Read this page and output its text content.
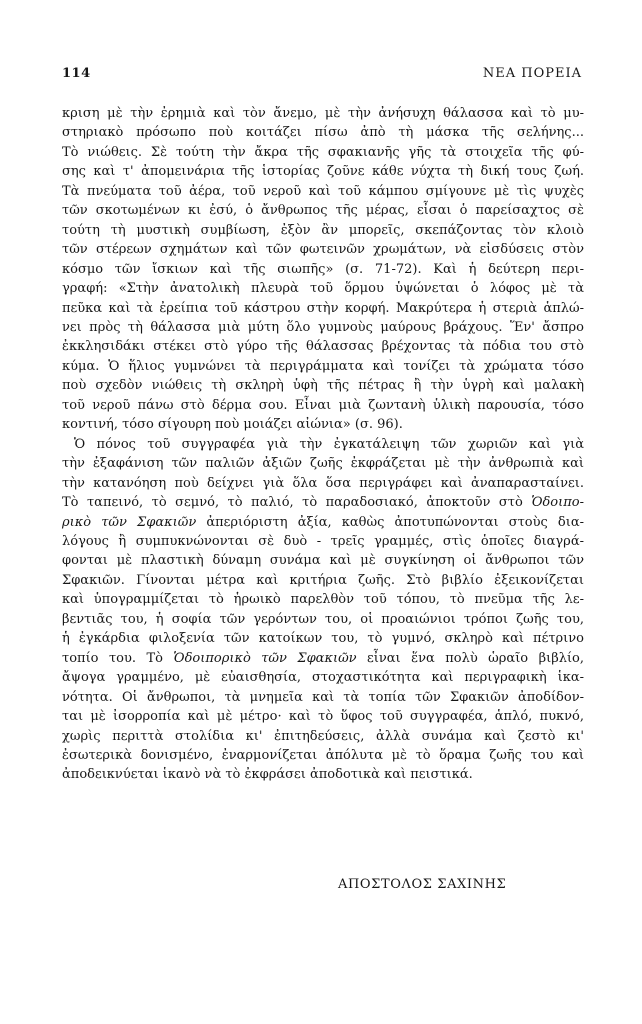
114	ΝΕΑ ΠΟΡΕΙΑ
κριση μὲ τὴν ἐρημιὰ καὶ τὸν ἄνεμο, μὲ τὴν ἀνήσυχη θάλασσα καὶ τὸ μυ-
στηριακὸ πρόσωπο ποὺ κοιτάζει πίσω ἀπὸ τὴ μάσκα τῆς σελήνης...
Τὸ νιώθεις. Σὲ τούτη τὴν ἄκρα τῆς σφακιανῆς γῆς τὰ στοιχεῖα τῆς φύ-
σης καὶ τ' ἀπομεινάρια τῆς ἱστορίας ζοῦνε κάθε νύχτα τὴ δική τους ζωή.
Τὰ πνεύματα τοῦ ἀέρα, τοῦ νεροῦ καὶ τοῦ κάμπου σμίγουνε μὲ τὶς ψυχὲς
τῶν σκοτωμένων κι ἐσύ, ὁ ἄνθρωπος τῆς μέρας, εἶσαι ὁ παρείσαχτος σὲ
τούτη τὴ μυστικὴ συμβίωση, ἐξὸν ἂν μπορεῖς, σκεπάζοντας τὸν κλοιὸ
τῶν στέρεων σχημάτων καὶ τῶν φωτεινῶν χρωμάτων, νὰ εἰσδύσεις στὸν
κόσμο τῶν ἴσκιων καὶ τῆς σιωπῆς» (σ. 71-72). Καὶ ἡ δεύτερη περι-
γραφή: «Στὴν ἀνατολικὴ πλευρὰ τοῦ ὅρμου ὑψώνεται ὁ λόφος μὲ τὰ
πεῦκα καὶ τὰ ἐρείπια τοῦ κάστρου στὴν κορφή. Μακρύτερα ἡ στεριὰ ἁπλώ-
νει πρὸς τὴ θάλασσα μιὰ μύτη ὅλο γυμνοὺς μαύρους βράχους. Ἕν' ἄσπρο
ἐκκλησιδάκι στέκει στὸ γύρο τῆς θάλασσας βρέχοντας τὰ πόδια του στὸ
κύμα. Ὁ ἥλιος γυμνώνει τὰ περιγράμματα καὶ τονίζει τὰ χρώματα τόσο
ποὺ σχεδὸν νιώθεις τὴ σκληρὴ ὑφὴ τῆς πέτρας ἢ τὴν ὑγρὴ καὶ μαλακὴ
τοῦ νεροῦ πάνω στὸ δέρμα σου. Εἶναι μιὰ ζωντανὴ ὑλικὴ παρουσία, τόσο
κοντινή, τόσο σίγουρη ποὺ μοιάζει αἰώνια» (σ. 96).
Ὁ πόνος τοῦ συγγραφέα γιὰ τὴν ἐγκατάλειψη τῶν χωριῶν καὶ γιὰ
τὴν ἐξαφάνιση τῶν παλιῶν ἀξιῶν ζωῆς ἐκφράζεται μὲ τὴν ἀνθρωπιὰ καὶ
τὴν κατανόηση ποὺ δείχνει γιὰ ὅλα ὅσα περιγράφει καὶ ἀναπαρασταίνει.
Τὸ ταπεινό, τὸ σεμνό, τὸ παλιό, τὸ παραδοσιακό, ἀποκτοῦν στὸ Ὁδοιπο-
ρικὸ τῶν Σφακιῶν ἀπεριόριστη ἀξία, καθὼς ἀποτυπώνονται στοὺς δια-
λόγους ἢ συμπυκνώνονται σὲ δυὸ - τρεῖς γραμμές, στὶς ὁποῖες διαγρά-
φονται μὲ πλαστικὴ δύναμη συνάμα καὶ μὲ συγκίνηση οἱ ἄνθρωποι τῶν
Σφακιῶν. Γίνονται μέτρα καὶ κριτήρια ζωῆς. Στὸ βιβλίο ἐξεικονίζεται
καὶ ὑπογραμμίζεται τὸ ἡρωικὸ παρελθὸν τοῦ τόπου, τὸ πνεῦμα τῆς λε-
βεντιᾶς του, ἡ σοφία τῶν γερόντων του, οἱ προαιώνιοι τρόποι ζωῆς του,
ἡ ἐγκάρδια φιλοξενία τῶν κατοίκων του, τὸ γυμνό, σκληρὸ καὶ πέτρινο
τοπίο του. Τὸ Ὁδοιπορικὸ τῶν Σφακιῶν εἶναι ἕνα πολὺ ὡραῖο βιβλίο,
ἄψογα γραμμένο, μὲ εὐαισθησία, στοχαστικότητα καὶ περιγραφικὴ ἱκα-
νότητα. Οἱ ἄνθρωποι, τὰ μνημεῖα καὶ τὰ τοπία τῶν Σφακιῶν ἀποδίδον-
ται μὲ ἰσορροπία καὶ μὲ μέτρο· καὶ τὸ ὕφος τοῦ συγγραφέα, ἁπλό, πυκνό,
χωρὶς περιττὰ στολίδια κι' ἐπιτηδεύσεις, ἀλλὰ συνάμα καὶ ζεστὸ κι'
ἐσωτερικὰ δονισμένο, ἐναρμονίζεται ἀπόλυτα μὲ τὸ ὅραμα ζωῆς του καὶ
ἀποδεικνύεται ἱκανὸ νὰ τὸ ἐκφράσει ἀποδοτικὰ καὶ πειστικά.
ΑΠΟΣΤΟΛΟΣ ΣΑΧΙΝΗΣ
